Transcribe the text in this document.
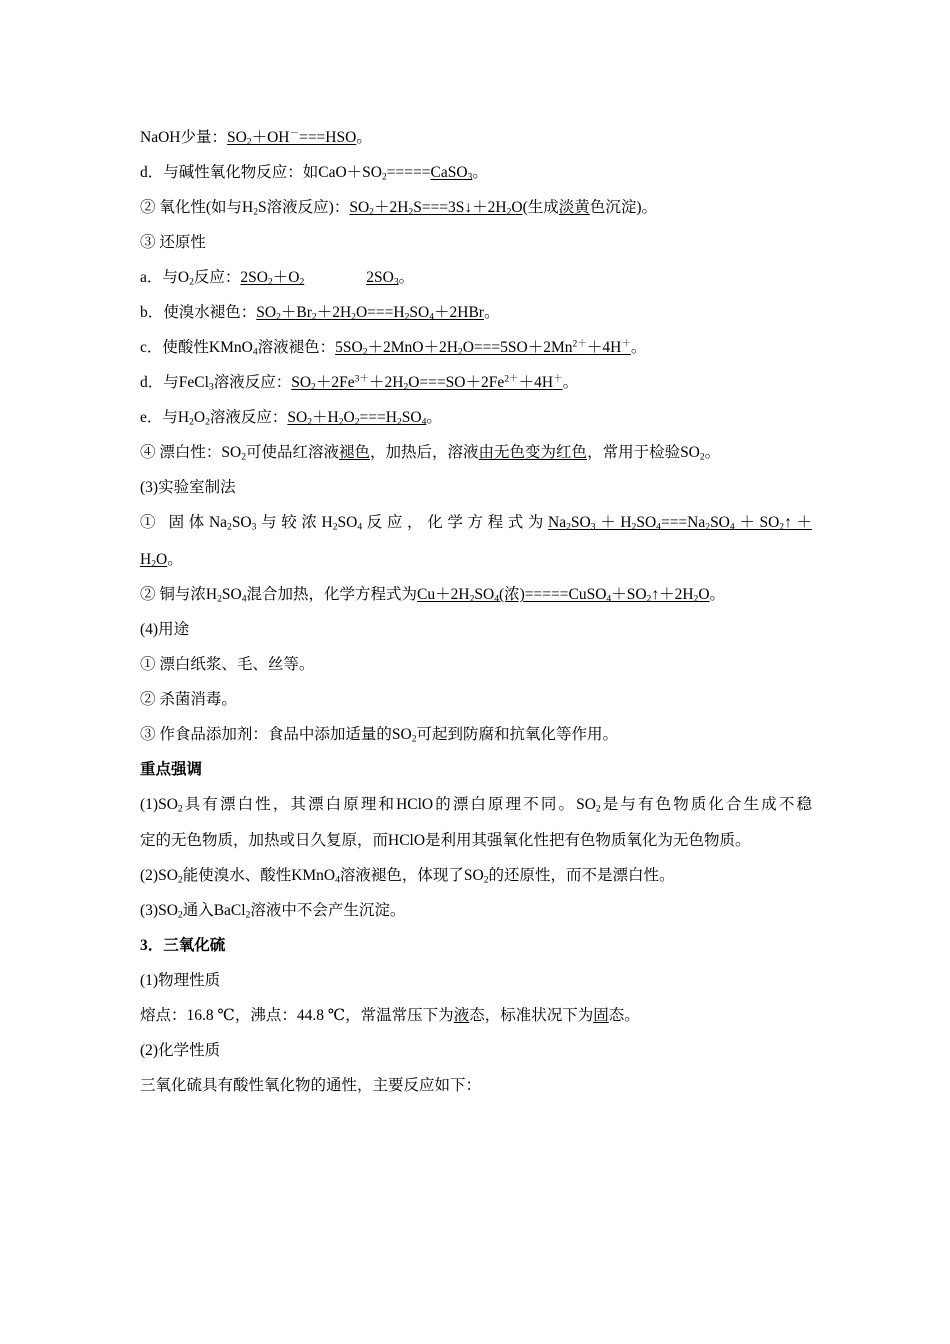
NaOH少量：$SO_2+OH^-===HSO$。
d．与碱性氧化物反应：如$CaO+SO_2=====CaSO_3$。
② 氧化性(如与$H_2S$溶液反应)：$SO_2+2H_2S===3S↓+2H_2O$(生成淡黄色沉淀)。
③ 还原性
a．与$O_2$反应：$2SO_2+O_2$	$2SO_3$。
b．使溴水褪色：$SO_2+Br_2+2H_2O===H_2SO_4+2HBr$。
c．使酸性KMnO$_4$溶液褪色：$5SO_2+2MnO+2H_2O===5SO+2Mn^{2+}+4H^+$。
d．与FeCl$_3$溶液反应：$SO_2+2Fe^{3+}+2H_2O===SO+2Fe^{2+}+4H^+$。
e．与$H_2O_2$溶液反应：$SO_2+H_2O_2===H_2SO_4$。
④ 漂白性：$SO_2$可使品红溶液褪色，加热后，溶液由无色变为红色，常用于检验$SO_2$。
(3)实验室制法
① 固体$Na_2SO_3$与较浓$H_2SO_4$反应，化学方程式为$Na_2SO_3+H_2SO_4===Na_2SO_4+SO_2↑+$
$H_2O$。
② 铜与浓$H_2SO_4$混合加热，化学方程式为$Cu+2H_2SO_4$(浓)$=====CuSO_4+SO_2↑+2H_2O$。
(4)用途
① 漂白纸浆、毛、丝等。
② 杀菌消毒。
③ 作食品添加剂：食品中添加适量的$SO_2$可起到防腐和抗氧化等作用。
重点强调
$(1)SO_2$具有漂白性，其漂白原理和HClO的漂白原理不同。$SO_2$是与有色物质化合生成不稳
定的无色物质，加热或日久复原，而HClO是利用其强氧化性把有色物质氧化为无色物质。
$(2)SO_2$能使溴水、酸性KMnO$_4$溶液褪色，体现了$SO_2$的还原性，而不是漂白性。
$(3)SO_2$通入BaCl$_2$溶液中不会产生沉淀。
3．三氧化硫
(1)物理性质
熔点：16.8 ℃，沸点：44.8 ℃，常温常压下为液态，标准状况下为固态。
(2)化学性质
三氧化硫具有酸性氧化物的通性，主要反应如下：
